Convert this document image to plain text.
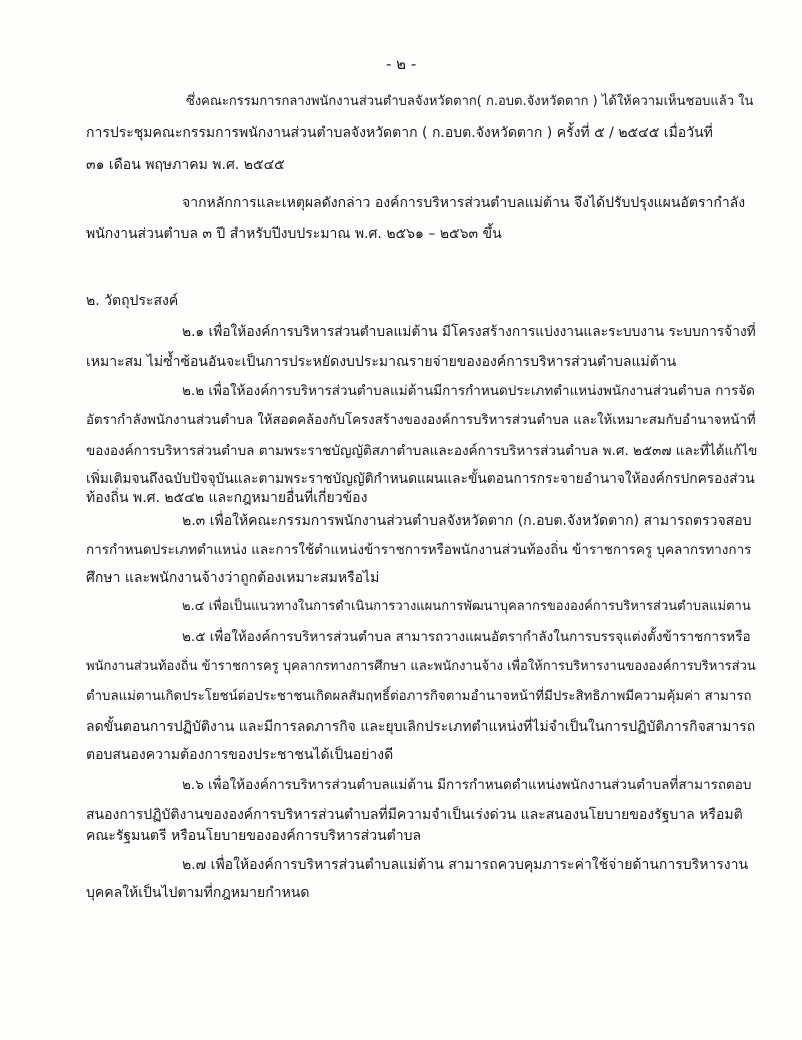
- ๒ -
ซึ่งคณะกรรมการกลางพนักงานส่วนตำบลจังหวัดตาก( ก.อบต.จังหวัดตาก ) ได้ให้ความเห็นชอบแล้ว ใน
การประชุมคณะกรรมการพนักงานส่วนตำบลจังหวัดตาก ( ก.อบต.จังหวัดตาก ) ครั้งที่ ๕ / ๒๕๔๕ เมื่อวันที่
๓๑ เดือน พฤษภาคม พ.ศ. ๒๕๔๕
จากหลักการและเหตุผลดังกล่าว องค์การบริหารส่วนตำบลแม่ต้าน จึงได้ปรับปรุงแผนอัตรากำลัง
พนักงานส่วนตำบล ๓ ปี สำหรับปีงบประมาณ พ.ศ. ๒๕๖๑ – ๒๕๖๓ ขึ้น
๒. วัตถุประสงค์
๒.๑ เพื่อให้องค์การบริหารส่วนตำบลแม่ต้าน มีโครงสร้างการแบ่งงานและระบบงาน ระบบการจ้างที่
เหมาะสม ไม่ซ้ำซ้อนอันจะเป็นการประหยัดงบประมาณรายจ่ายขององค์การบริหารส่วนตำบลแม่ต้าน
๒.๒ เพื่อให้องค์การบริหารส่วนตำบลแม่ต้านมีการกำหนดประเภทตำแหน่งพนักงานส่วนตำบล การจัด
อัตรากำลังพนักงานส่วนตำบล ให้สอดคล้องกับโครงสร้างขององค์การบริหารส่วนตำบล และให้เหมาะสมกับอำนาจหน้าที่
ขององค์การบริหารส่วนตำบล ตามพระราชบัญญัติสภาตำบลและองค์การบริหารส่วนตำบล พ.ศ. ๒๕๓๗ และที่ได้แก้ไข
เพิ่มเติมจนถึงฉบับปัจจุบันและตามพระราชบัญญัติกำหนดแผนและขั้นตอนการกระจายอำนาจให้องค์กรปกครองส่วน
ท้องถิ่น พ.ศ. ๒๕๔๒ และกฎหมายอื่นที่เกี่ยวข้อง
๒.๓ เพื่อให้คณะกรรมการพนักงานส่วนตำบลจังหวัดตาก (ก.อบต.จังหวัดตาก) สามารถตรวจสอบ
การกำหนดประเภทตำแหน่ง และการใช้ตำแหน่งข้าราชการหรือพนักงานส่วนท้องถิ่น ข้าราชการครู บุคลากรทางการ
ศึกษา และพนักงานจ้างว่าถูกต้องเหมาะสมหรือไม่
๒.๔ เพื่อเป็นแนวทางในการดำเนินการวางแผนการพัฒนาบุคลากรขององค์การบริหารส่วนตำบลแม่ตาน
๒.๕ เพื่อให้องค์การบริหารส่วนตำบล สามารถวางแผนอัตรากำลังในการบรรจุแต่งตั้งข้าราชการหรือ
พนักงานส่วนท้องถิ่น ข้าราชการครู บุคลากรทางการศึกษา และพนักงานจ้าง เพื่อให้การบริหารงานขององค์การบริหารส่วน
ตำบลแม่ตานเกิดประโยชน์ต่อประชาชนเกิดผลสัมฤทธิ์ต่อภารกิจตามอำนาจหน้าที่มีประสิทธิภาพมีความคุ้มค่า สามารถ
ลดขั้นตอนการปฏิบัติงาน และมีการลดภารกิจ และยุบเลิกประเภทตำแหน่งที่ไม่จำเป็นในการปฏิบัติภารกิจสามารถ
ตอบสนองความต้องการของประชาชนได้เป็นอย่างดี
๒.๖ เพื่อให้องค์การบริหารส่วนตำบลแม่ต้าน มีการกำหนดตำแหน่งพนักงานส่วนตำบลที่สามารถตอบ
สนองการปฏิบัติงานขององค์การบริหารส่วนตำบลที่มีความจำเป็นเร่งด่วน และสนองนโยบายของรัฐบาล หรือมติ
คณะรัฐมนตรี หรือนโยบายขององค์การบริหารส่วนตำบล
๒.๗ เพื่อให้องค์การบริหารส่วนตำบลแม่ต้าน สามารถควบคุมภาระค่าใช้จ่ายด้านการบริหารงาน
บุคคลให้เป็นไปตามที่กฎหมายกำหนด
